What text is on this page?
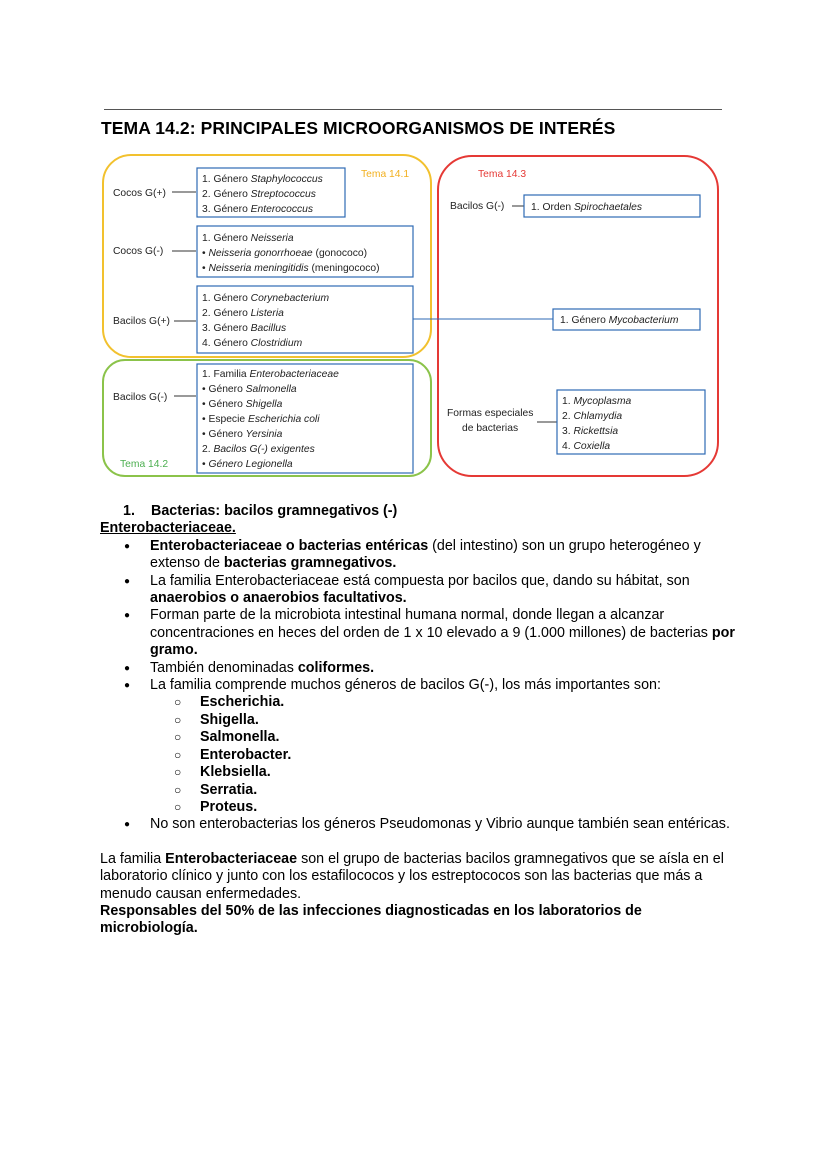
TEMA 14.2: PRINCIPALES MICROORGANISMOS DE INTERÉS
Tema 14.1
Tema 14.2
Tema 14.3
Cocos G(+)
Cocos G(-)
Bacilos G(+)
Bacilos G(-)
Bacilos G(-)
Formas especiales
de bacterias
1. Género Staphylococcus
2. Género Streptococcus
3. Género Enterococcus
1. Género Neisseria
• Neisseria gonorrhoeae (gonococo)
• Neisseria meningitidis (meningococo)
1. Género Corynebacterium
2. Género Listeria
3. Género Bacillus
4. Género Clostridium
1. Familia Enterobacteriaceae
• Género Salmonella
• Género Shigella
• Especie Escherichia coli
• Género Yersinia
2. Bacilos G(-) exigentes
• Género Legionella
1. Orden Spirochaetales
1. Género Mycobacterium
1. Mycoplasma
2. Chlamydia
3. Rickettsia
4. Coxiella

1. Bacterias: bacilos gramnegativos (-)

Enterobacteriaceae.

● Enterobacteriaceae o bacterias entéricas (del intestino) son un grupo heterogéneo y extenso de bacterias gramnegativos.
● La familia Enterobacteriaceae está compuesta por bacilos que, dando su hábitat, son anaerobios o anaerobios facultativos.
● Forman parte de la microbiota intestinal humana normal, donde llegan a alcanzar concentraciones en heces del orden de 1 x 10 elevado a 9 (1.000 millones) de bacterias por gramo.
● También denominadas coliformes.
● La familia comprende muchos géneros de bacilos G(-), los más importantes son:
○ Escherichia.
○ Shigella.
○ Salmonella.
○ Enterobacter.
○ Klebsiella.
○ Serratia.
○ Proteus.
● No son enterobacterias los géneros Pseudomonas y Vibrio aunque también sean entéricas.

La familia Enterobacteriaceae son el grupo de bacterias bacilos gramnegativos que se aísla en el laboratorio clínico y junto con los estafilococos y los estreptococos son las bacterias que más a menudo causan enfermedades.

Responsables del 50% de las infecciones diagnosticadas en los laboratorios de microbiología.
